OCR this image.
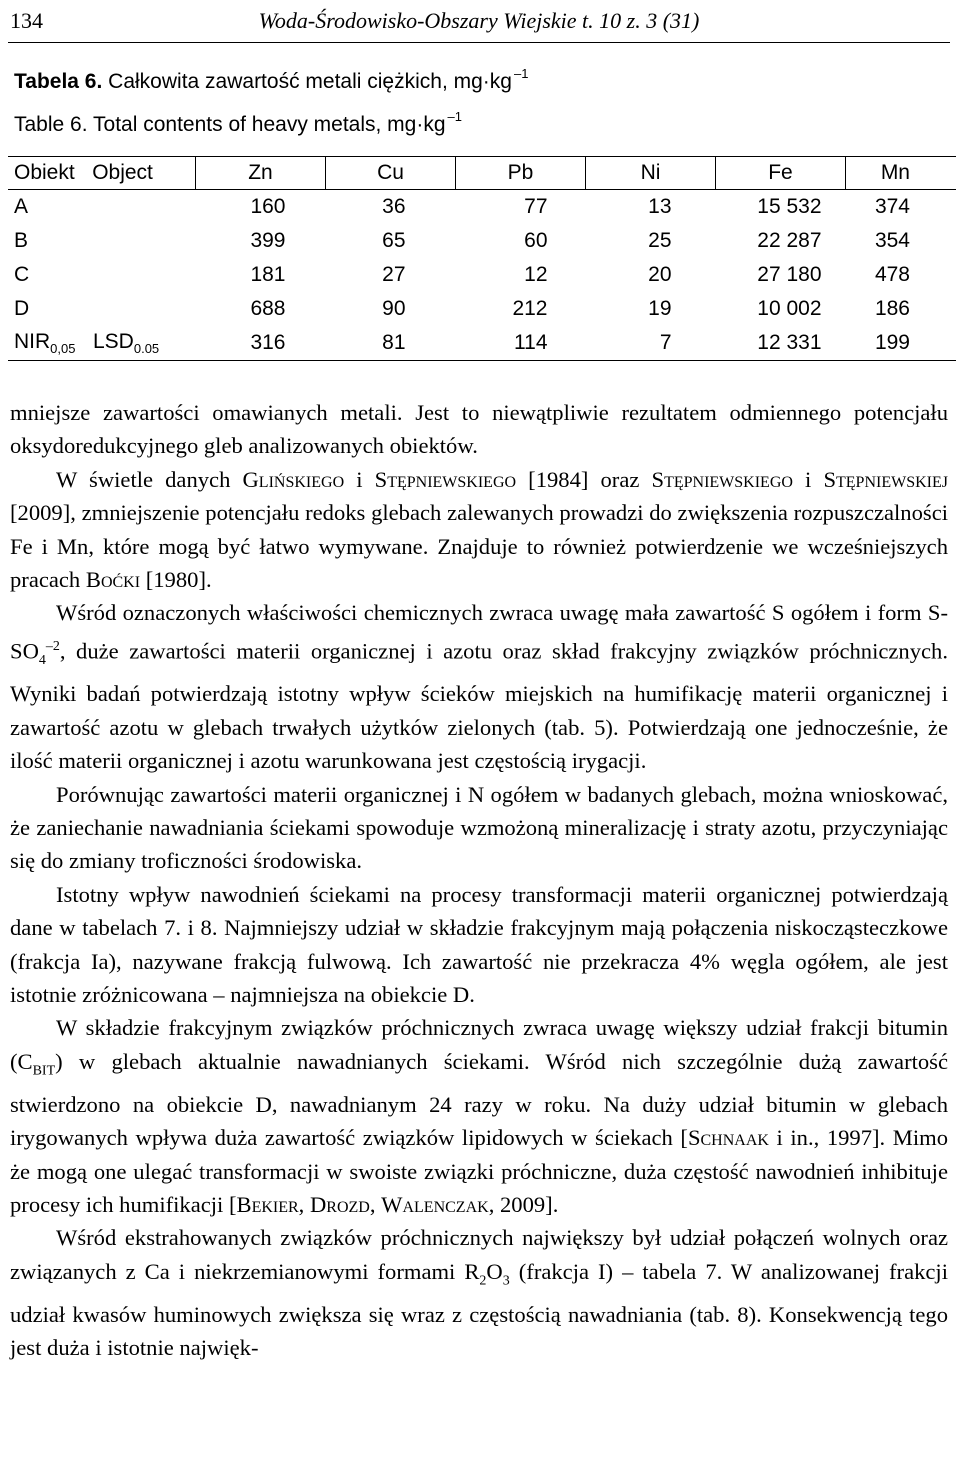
134	Woda-Środowisko-Obszary Wiejskie t. 10 z. 3 (31)
Tabela 6. Całkowita zawartość metali ciężkich, mg·kg $^{-1}$
Table 6. Total contents of heavy metals, mg·kg $^{-1}$
Obiekt   Object	Zn	Cu	Pb	Ni	Fe	Mn
A	160	36	77	13	15 532	374
B	399	65	60	25	22 287	354
C	181	27	12	20	27 180	478
D	688	90	212	19	10 002	186
$NIR_{0,05}$ $LSD_{0.05}$	316	81	114	7	12 331	199

mniejsze zawartości omawianych metali. Jest to niewątpliwie rezultatem odmiennego potencjału oksydoredukcyjnego gleb analizowanych obiektów.

W świetle danych Glińskiego i Stępniewskiego [1984] oraz Stępniewskiego i Stępniewskiej [2009], zmniejszenie potencjału redoks glebach zalewanych prowadzi do zwiększenia rozpuszczalności Fe i Mn, które mogą być łatwo wymywane. Znajduje to również potwierdzenie we wcześniejszych pracach Boćki [1980].

Wśród oznaczonych właściwości chemicznych zwraca uwagę mała zawartość S ogółem i form $S-SO_4^{-2}$, duże zawartości materii organicznej i azotu oraz skład frakcyjny związków próchnicznych. Wyniki badań potwierdzają istotny wpływ ścieków miejskich na humifikację materii organicznej i zawartość azotu w glebach trwałych użytków zielonych (tab. 5). Potwierdzają one jednocześnie, że ilość materii organicznej i azotu warunkowana jest częstością irygacji.

Porównując zawartości materii organicznej i N ogółem w badanych glebach, można wnioskować, że zaniechanie nawadniania ściekami spowoduje wzmożoną mineralizację i straty azotu, przyczyniając się do zmiany troficzności środowiska.

Istotny wpływ nawodnień ściekami na procesy transformacji materii organicznej potwierdzają dane w tabelach 7. i 8. Najmniejszy udział w składzie frakcyjnym mają połączenia niskocząsteczkowe (frakcja Ia), nazywane frakcją fulwową. Ich zawartość nie przekracza 4% węgla ogółem, ale jest istotnie zróżnicowana – najmniejsza na obiekcie D.

W składzie frakcyjnym związków próchnicznych zwraca uwagę większy udział frakcji bitumin $(C_{BIT})$ w glebach aktualnie nawadnianych ściekami. Wśród nich szczególnie dużą zawartość stwierdzono na obiekcie D, nawadnianym 24 razy w roku. Na duży udział bitumin w glebach irygowanych wpływa duża zawartość związków lipidowych w ściekach [Schnaak i in., 1997]. Mimo że mogą one ulegać transformacji w swoiste związki próchniczne, duża częstość nawodnień inhibituje procesy ich humifikacji [Bekier, Drozd, Walenczak, 2009].

Wśród ekstrahowanych związków próchnicznych największy był udział połączeń wolnych oraz związanych z Ca i niekrzemianowymi formami $R_2O_3$ (frakcja I) – tabela 7. W analizowanej frakcji udział kwasów huminowych zwiększa się wraz z częstością nawadniania (tab. 8). Konsekwencją tego jest duża i istotnie najwięk-
